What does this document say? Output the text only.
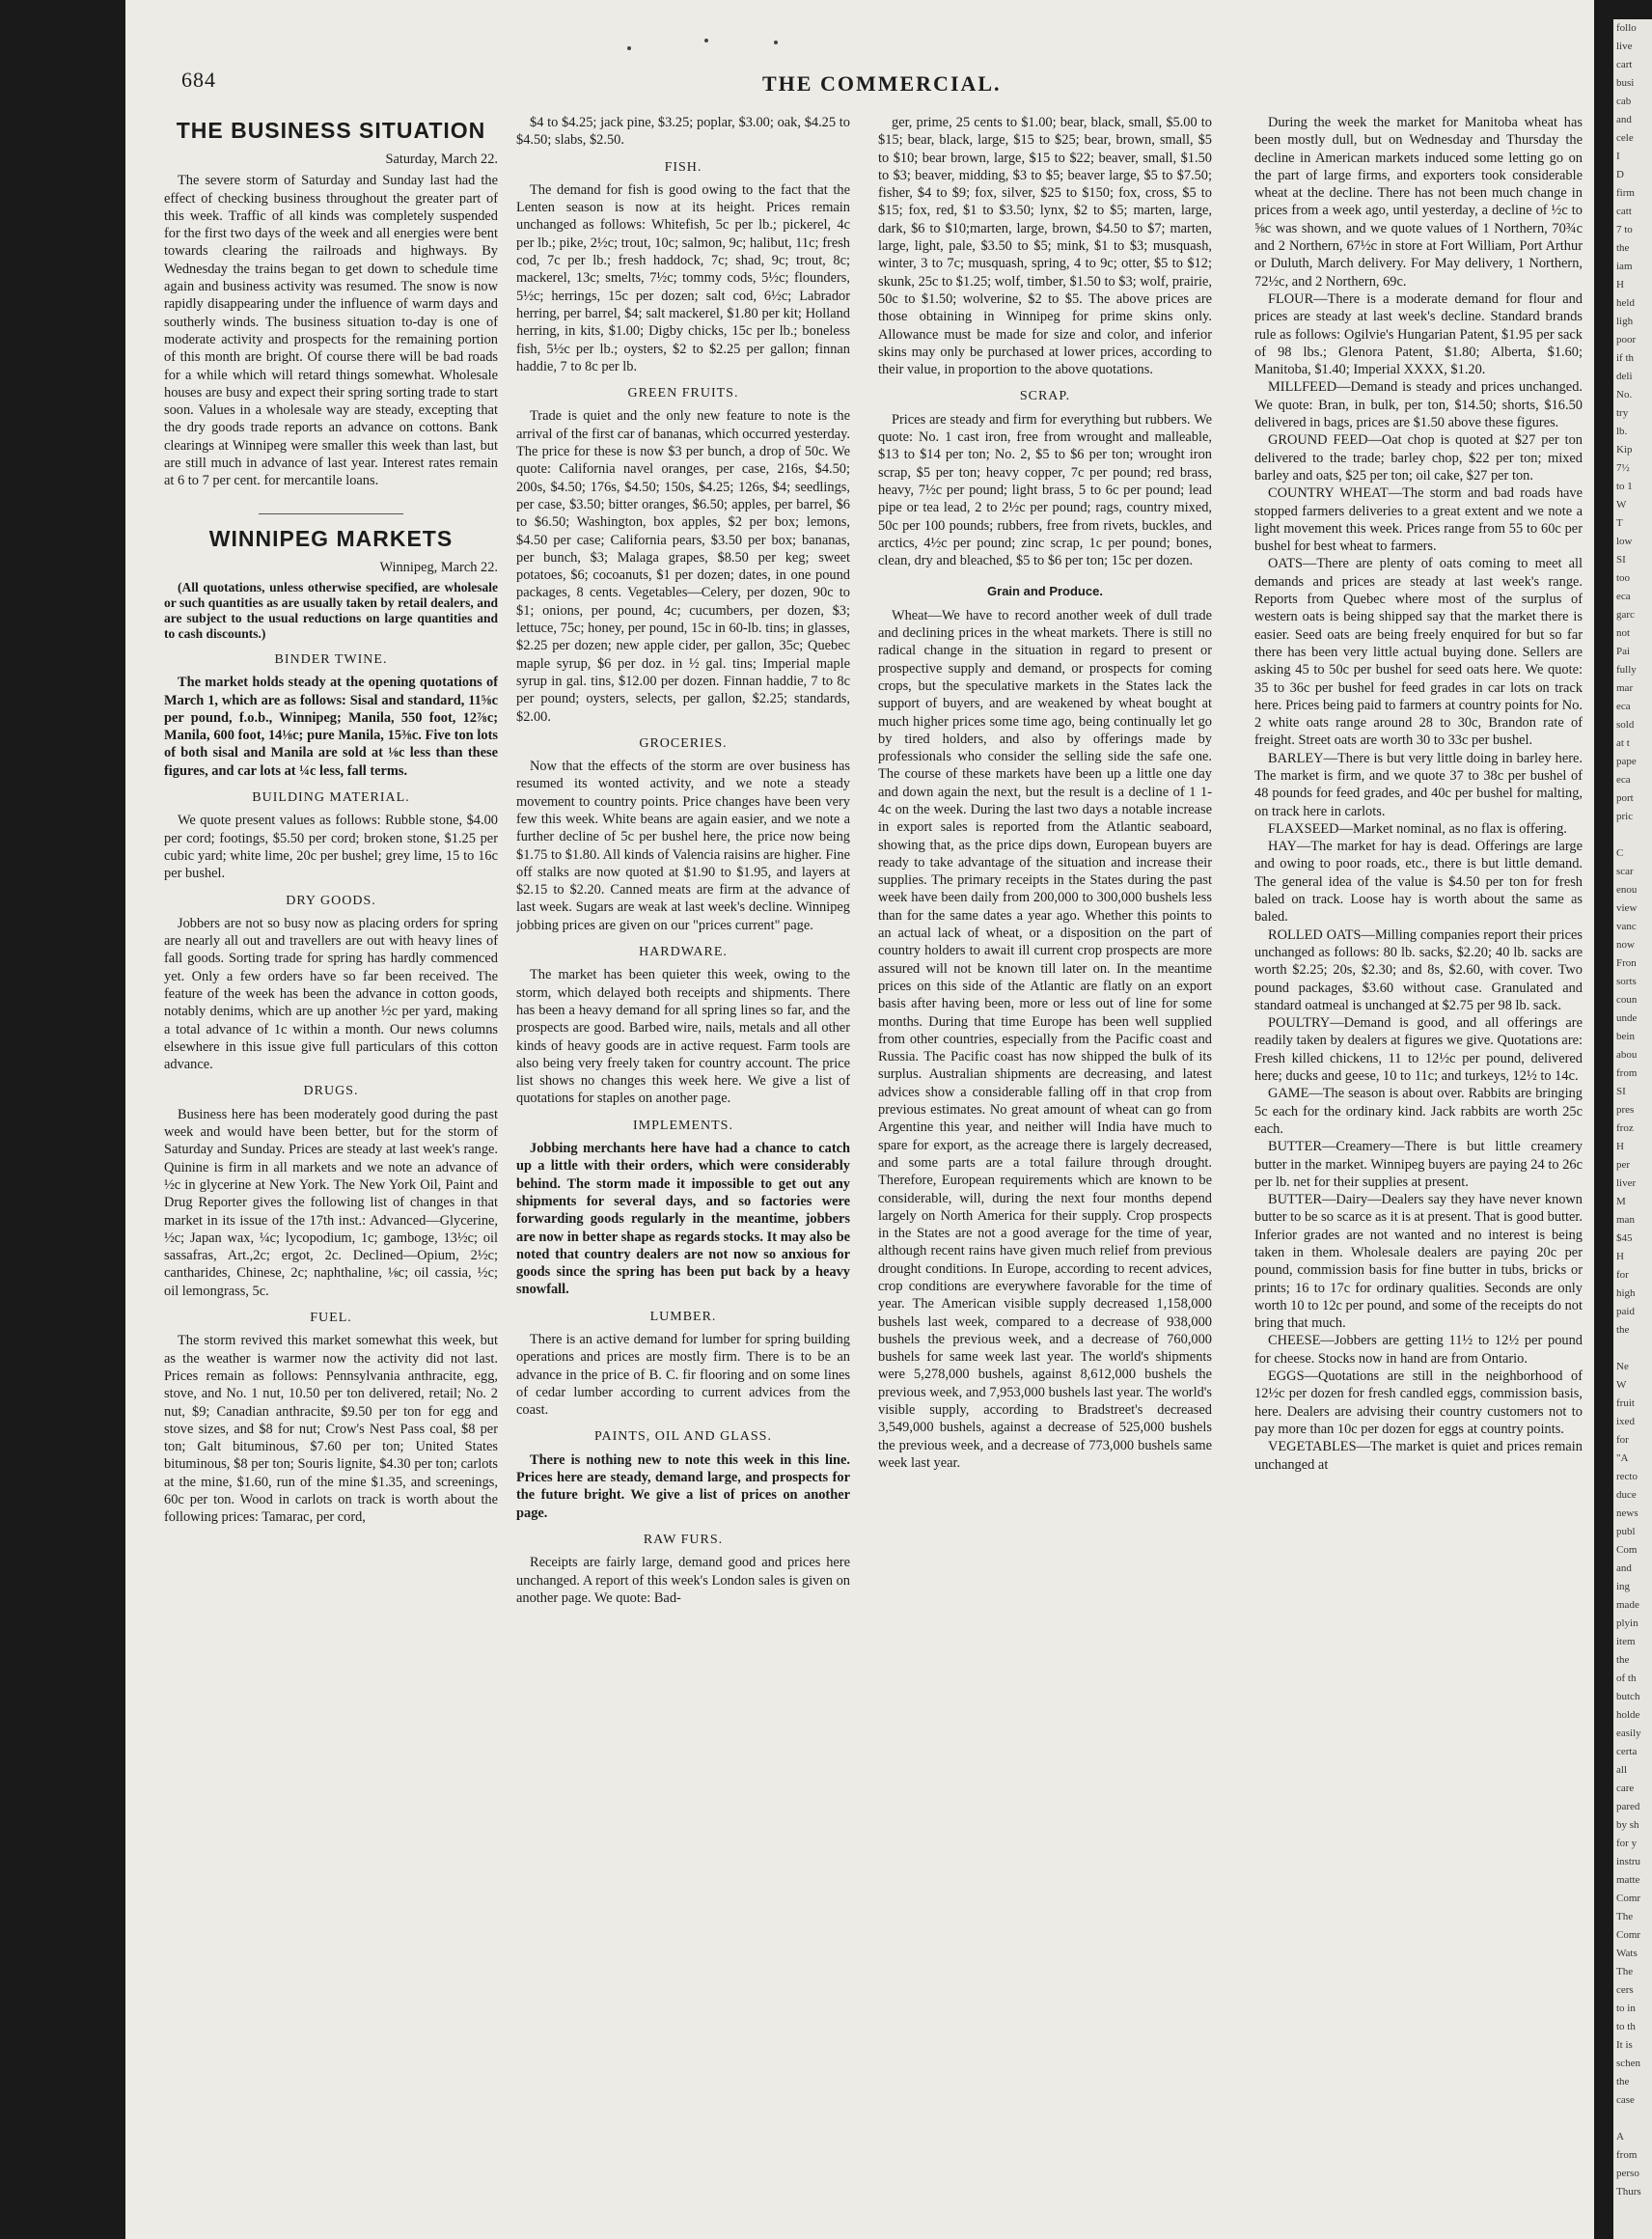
684	THE COMMERCIAL.
THE BUSINESS SITUATION
Saturday, March 22.

The severe storm of Saturday and Sunday last had the effect of checking business throughout the greater part of this week. Traffic of all kinds was completely suspended for the first two days of the week and all energies were bent towards clearing the railroads and highways. By Wednesday the trains began to get down to schedule time again and business activity was resumed. The snow is now rapidly disappearing under the influence of warm days and southerly winds. The business situation to-day is one of moderate activity and prospects for the remaining portion of this month are bright. Of course there will be bad roads for a while which will retard things somewhat. Wholesale houses are busy and expect their spring sorting trade to start soon. Values in a wholesale way are steady, excepting that the dry goods trade reports an advance on cottons. Bank clearings at Winnipeg were smaller this week than last, but are still much in advance of last year. Interest rates remain at 6 to 7 per cent. for mercantile loans.

WINNIPEG MARKETS
Winnipeg, March 22.

(All quotations, unless otherwise specified, are wholesale or such quantities as are usually taken by retail dealers, and are subject to the usual reductions on large quantities and to cash discounts.)

BINDER TWINE.

The market holds steady at the opening quotations of March 1, which are as follows: Sisal and standard, 11⅝c per pound, f.o.b., Winnipeg; Manila, 550 foot, 12⅞c; Manila, 600 foot, 14⅛c; pure Manila, 15⅜c. Five ton lots of both sisal and Manila are sold at ⅛c less than these figures, and car lots at ¼c less, fall terms.

BUILDING MATERIAL.

We quote present values as follows: Rubble stone, $4.00 per cord; footings, $5.50 per cord; broken stone, $1.25 per cubic yard; white lime, 20c per bushel; grey lime, 15 to 16c per bushel.

DRY GOODS.

Jobbers are not so busy now as placing orders for spring are nearly all out and travellers are out with heavy lines of fall goods. Sorting trade for spring has hardly commenced yet. Only a few orders have so far been received. The feature of the week has been the advance in cotton goods, notably denims, which are up another ½c per yard, making a total advance of 1c within a month. Our news columns elsewhere in this issue give full particulars of this cotton advance.

DRUGS.

Business here has been moderately good during the past week and would have been better, but for the storm of Saturday and Sunday. Prices are steady at last week's range. Quinine is firm in all markets and we note an advance of ½c in glycerine at New York. The New York Oil, Paint and Drug Reporter gives the following list of changes in that market in its issue of the 17th inst.: Advanced—Glycerine, ½c; Japan wax, ¼c; lycopodium, 1c; gamboge, 13½c; oil sassafras, Art.,2c; ergot, 2c. Declined—Opium, 2½c; cantharides, Chinese, 2c; naphthaline, ⅛c; oil cassia, ½c; oil lemongrass, 5c.

FUEL.

The storm revived this market somewhat this week, but as the weather is warmer now the activity did not last. Prices remain as follows: Pennsylvania anthracite, egg, stove, and No. 1 nut, 10.50 per ton delivered, retail; No. 2 nut, $9; Canadian anthracite, $9.50 per ton for egg and stove sizes, and $8 for nut; Crow's Nest Pass coal, $8 per ton; Galt bituminous, $7.60 per ton; United States bituminous, $8 per ton; Souris lignite, $4.30 per ton; carlots at the mine, $1.60, run of the mine $1.35, and screenings, 60c per ton. Wood in carlots on track is worth about the following prices: Tamarac, per cord,

$4 to $4.25; jack pine, $3.25; poplar, $3.00; oak, $4.25 to $4.50; slabs, $2.50.

FISH.

The demand for fish is good owing to the fact that the Lenten season is now at its height. Prices remain unchanged as follows: Whitefish, 5c per lb.; pickerel, 4c per lb.; pike, 2½c; trout, 10c; salmon, 9c; halibut, 11c; fresh cod, 7c per lb.; fresh haddock, 7c; shad, 9c; trout, 8c; mackerel, 13c; smelts, 7½c; tommy cods, 5½c; flounders, 5½c; herrings, 15c per dozen; salt cod, 6½c; Labrador herring, per barrel, $4; salt mackerel, $1.80 per kit; Holland herring, in kits, $1.00; Digby chicks, 15c per lb.; boneless fish, 5½c per lb.; oysters, $2 to $2.25 per gallon; finnan haddie, 7 to 8c per lb.

GREEN FRUITS.

Trade is quiet and the only new feature to note is the arrival of the first car of bananas, which occurred yesterday. The price for these is now $3 per bunch, a drop of 50c. We quote: California navel oranges, per case, 216s, $4.50; 200s, $4.50; 176s, $4.50; 150s, $4.25; 126s, $4; seedlings, per case, $3.50; bitter oranges, $6.50; apples, per barrel, $6 to $6.50; Washington, box apples, $2 per box; lemons, $4.50 per case; California pears, $3.50 per box; bananas, per bunch, $3; Malaga grapes, $8.50 per keg; sweet potatoes, $6; cocoanuts, $1 per dozen; dates, in one pound packages, 8 cents. Vegetables—Celery, per dozen, 90c to $1; onions, per pound, 4c; cucumbers, per dozen, $3; lettuce, 75c; honey, per pound, 15c in 60-lb. tins; in glasses, $2.25 per dozen; new apple cider, per gallon, 35c; Quebec maple syrup, $6 per doz. in ½ gal. tins; Imperial maple syrup in gal. tins, $12.00 per dozen. Finnan haddie, 7 to 8c per pound; oysters, selects, per gallon, $2.25; standards, $2.00.

GROCERIES.

Now that the effects of the storm are over business has resumed its wonted activity, and we note a steady movement to country points. Price changes have been very few this week. White beans are again easier, and we note a further decline of 5c per bushel here, the price now being $1.75 to $1.80. All kinds of Valencia raisins are higher. Fine off stalks are now quoted at $1.90 to $1.95, and layers at $2.15 to $2.20. Canned meats are firm at the advance of last week. Sugars are weak at last week's decline. Winnipeg jobbing prices are given on our "prices current" page.

HARDWARE.

The market has been quieter this week, owing to the storm, which delayed both receipts and shipments. There has been a heavy demand for all spring lines so far, and the prospects are good. Barbed wire, nails, metals and all other kinds of heavy goods are in active request. Farm tools are also being very freely taken for country account. The price list shows no changes this week here. We give a list of quotations for staples on another page.

IMPLEMENTS.

Jobbing merchants here have had a chance to catch up a little with their orders, which were considerably behind. The storm made it impossible to get out any shipments for several days, and so factories were forwarding goods regularly in the meantime, jobbers are now in better shape as regards stocks. It may also be noted that country dealers are not now so anxious for goods since the spring has been put back by a heavy snowfall.

LUMBER.

There is an active demand for lumber for spring building operations and prices are mostly firm. There is to be an advance in the price of B. C. fir flooring and on some lines of cedar lumber according to current advices from the coast.

PAINTS, OIL AND GLASS.

There is nothing new to note this week in this line. Prices here are steady, demand large, and prospects for the future bright. We give a list of prices on another page.

RAW FURS.

Receipts are fairly large, demand good and prices here unchanged. A report of this week's London sales is given on another page. We quote: Bad-

ger, prime, 25 cents to $1.00; bear, black, small, $5.00 to $15; bear, black, large, $15 to $25; bear, brown, small, $5 to $10; bear brown, large, $15 to $22; beaver, small, $1.50 to $3; beaver, midding, $3 to $5; beaver large, $5 to $7.50; fisher, $4 to $9; fox, silver, $25 to $150; fox, cross, $5 to $15; fox, red, $1 to $3.50; lynx, $2 to $5; marten, large, dark, $6 to $10;marten, large, brown, $4.50 to $7; marten, large, light, pale, $3.50 to $5; mink, $1 to $3; musquash, winter, 3 to 7c; musquash, spring, 4 to 9c; otter, $5 to $12; skunk, 25c to $1.25; wolf, timber, $1.50 to $3; wolf, prairie, 50c to $1.50; wolverine, $2 to $5. The above prices are those obtaining in Winnipeg for prime skins only. Allowance must be made for size and color, and inferior skins may only be purchased at lower prices, according to their value, in proportion to the above quotations.

SCRAP.

Prices are steady and firm for everything but rubbers. We quote: No. 1 cast iron, free from wrought and malleable, $13 to $14 per ton; No. 2, $5 to $6 per ton; wrought iron scrap, $5 per ton; heavy copper, 7c per pound; red brass, heavy, 7½c per pound; light brass, 5 to 6c per pound; lead pipe or tea lead, 2 to 2½c per pound; rags, country mixed, 50c per 100 pounds; rubbers, free from rivets, buckles, and arctics, 4½c per pound; zinc scrap, 1c per pound; bones, clean, dry and bleached, $5 to $6 per ton; 15c per dozen.

Grain and Produce.

Wheat—We have to record another week of dull trade and declining prices in the wheat markets. There is still no radical change in the situation in regard to present or prospective supply and demand, or prospects for coming crops, but the speculative markets in the States lack the support of buyers, and are weakened by wheat bought at much higher prices some time ago, being continually let go by tired holders, and also by offerings made by professionals who consider the selling side the safe one. The course of these markets have been up a little one day and down again the next, but the result is a decline of 1 1-4c on the week. During the last two days a notable increase in export sales is reported from the Atlantic seaboard, showing that, as the price dips down, European buyers are ready to take advantage of the situation and increase their supplies. The primary receipts in the States during the past week have been daily from 200,000 to 300,000 bushels less than for the same dates a year ago. Whether this points to an actual lack of wheat, or a disposition on the part of country holders to await ill current crop prospects are more assured will not be known till later on. In the meantime prices on this side of the Atlantic are flatly on an export basis after having been, more or less out of line for some months. During that time Europe has been well supplied from other countries, especially from the Pacific coast and Russia. The Pacific coast has now shipped the bulk of its surplus. Australian shipments are decreasing, and latest advices show a considerable falling off in that crop from previous estimates. No great amount of wheat can go from Argentine this year, and neither will India have much to spare for export, as the acreage there is largely decreased, and some parts are a total failure through drought. Therefore, European requirements which are known to be considerable, will, during the next four months depend largely on North America for their supply. Crop prospects in the States are not a good average for the time of year, although recent rains have given much relief from previous drought conditions. In Europe, according to recent advices, crop conditions are everywhere favorable for the time of year. The American visible supply decreased 1,158,000 bushels last week, compared to a decrease of 938,000 bushels the previous week, and a decrease of 760,000 bushels for same week last year. The world's shipments were 5,278,000 bushels, against 8,612,000 bushels the previous week, and 7,953,000 bushels last year. The world's visible supply, according to Bradstreet's decreased 3,549,000 bushels, against a decrease of 525,000 bushels the previous week, and a decrease of 773,000 bushels same week last year.

During the week the market for Manitoba wheat has been mostly dull, but on Wednesday and Thursday the decline in American markets induced some letting go on the part of large firms, and exporters took considerable wheat at the decline. There has not been much change in prices from a week ago, until yesterday, a decline of ½c to ⅝c was shown, and we quote values of 1 Northern, 70¾c and 2 Northern, 67½c in store at Fort William, Port Arthur or Duluth, March delivery. For May delivery, 1 Northern, 72½c, and 2 Northern, 69c.

FLOUR—There is a moderate demand for flour and prices are steady at last week's decline. Standard brands rule as follows: Ogilvie's Hungarian Patent, $1.95 per sack of 98 lbs.; Glenora Patent, $1.80; Alberta, $1.60; Manitoba, $1.40; Imperial XXXX, $1.20.

MILLFEED—Demand is steady and prices unchanged. We quote: Bran, in bulk, per ton, $14.50; shorts, $16.50 delivered in bags, prices are $1.50 above these figures.

GROUND FEED—Oat chop is quoted at $27 per ton delivered to the trade; barley chop, $22 per ton; mixed barley and oats, $25 per ton; oil cake, $27 per ton.

COUNTRY WHEAT—The storm and bad roads have stopped farmers deliveries to a great extent and we note a light movement this week. Prices range from 55 to 60c per bushel for best wheat to farmers.

OATS—There are plenty of oats coming to meet all demands and prices are steady at last week's range. Reports from Quebec where most of the surplus of western oats is being shipped say that the market there is easier. Seed oats are being freely enquired for but so far there has been very little actual buying done. Sellers are asking 45 to 50c per bushel for seed oats here. We quote: 35 to 36c per bushel for feed grades in car lots on track here. Prices being paid to farmers at country points for No. 2 white oats range around 28 to 30c, Brandon rate of freight. Street oats are worth 30 to 33c per bushel.

BARLEY—There is but very little doing in barley here. The market is firm, and we quote 37 to 38c per bushel of 48 pounds for feed grades, and 40c per bushel for malting, on track here in carlots.

FLAXSEED—Market nominal, as no flax is offering.

HAY—The market for hay is dead. Offerings are large and owing to poor roads, etc., there is but little demand. The general idea of the value is $4.50 per ton for fresh baled on track. Loose hay is worth about the same as baled.

ROLLED OATS—Milling companies report their prices unchanged as follows: 80 lb. sacks, $2.20; 40 lb. sacks are worth $2.25; 20s, $2.30; and 8s, $2.60, with cover. Two pound packages, $3.60 without case. Granulated and standard oatmeal is unchanged at $2.75 per 98 lb. sack.

POULTRY—Demand is good, and all offerings are readily taken by dealers at figures we give. Quotations are: Fresh killed chickens, 11 to 12½c per pound, delivered here; ducks and geese, 10 to 11c; and turkeys, 12½ to 14c.

GAME—The season is about over. Rabbits are bringing 5c each for the ordinary kind. Jack rabbits are worth 25c each.

BUTTER—Creamery—There is but little creamery butter in the market. Winnipeg buyers are paying 24 to 26c per lb. net for their supplies at present.

BUTTER—Dairy—Dealers say they have never known butter to be so scarce as it is at present. That is good butter. Inferior grades are not wanted and no interest is being taken in them. Wholesale dealers are paying 20c per pound, commission basis for fine butter in tubs, bricks or prints; 16 to 17c for ordinary qualities. Seconds are only worth 10 to 12c per pound, and some of the receipts do not bring that much.

CHEESE—Jobbers are getting 11½ to 12½ per pound for cheese. Stocks now in hand are from Ontario.

EGGS—Quotations are still in the neighborhood of 12½c per dozen for fresh candled eggs, commission basis, here. Dealers are advising their country customers not to pay more than 10c per dozen for eggs at country points.

VEGETABLES—The market is quiet and prices remain unchanged at

follo
live
cart
busi
cab
and
cele
I
D
firm
catt
7 to
the
iam
H
held
ligh
poor
if th
deli
No.
try
lb.
Kip
7½
to 1
W
T
low
SI
too
eca
garc
not
Pai
fully
mar
eca
sold
at t
pape
eca
port
pric

C
scar
enou
view
vanc
now
Fron
sorts
coun
unde
bein
abou
from
SI
pres
froz
H
per
liver
M
man
$45
H
for
high
paid
the

Ne
W
fruit
ixed
for
"A
recto
duce
news
publ
Com
and
ing
made
plyin
item
the
of th
butch
holde
easily
certa
all
care
pared
by sh
for y
instru
matte
Comr
The
Comr
Wats
The
cers
to in
to th
It is
schen
the
case

A
from
perso
Thurs
